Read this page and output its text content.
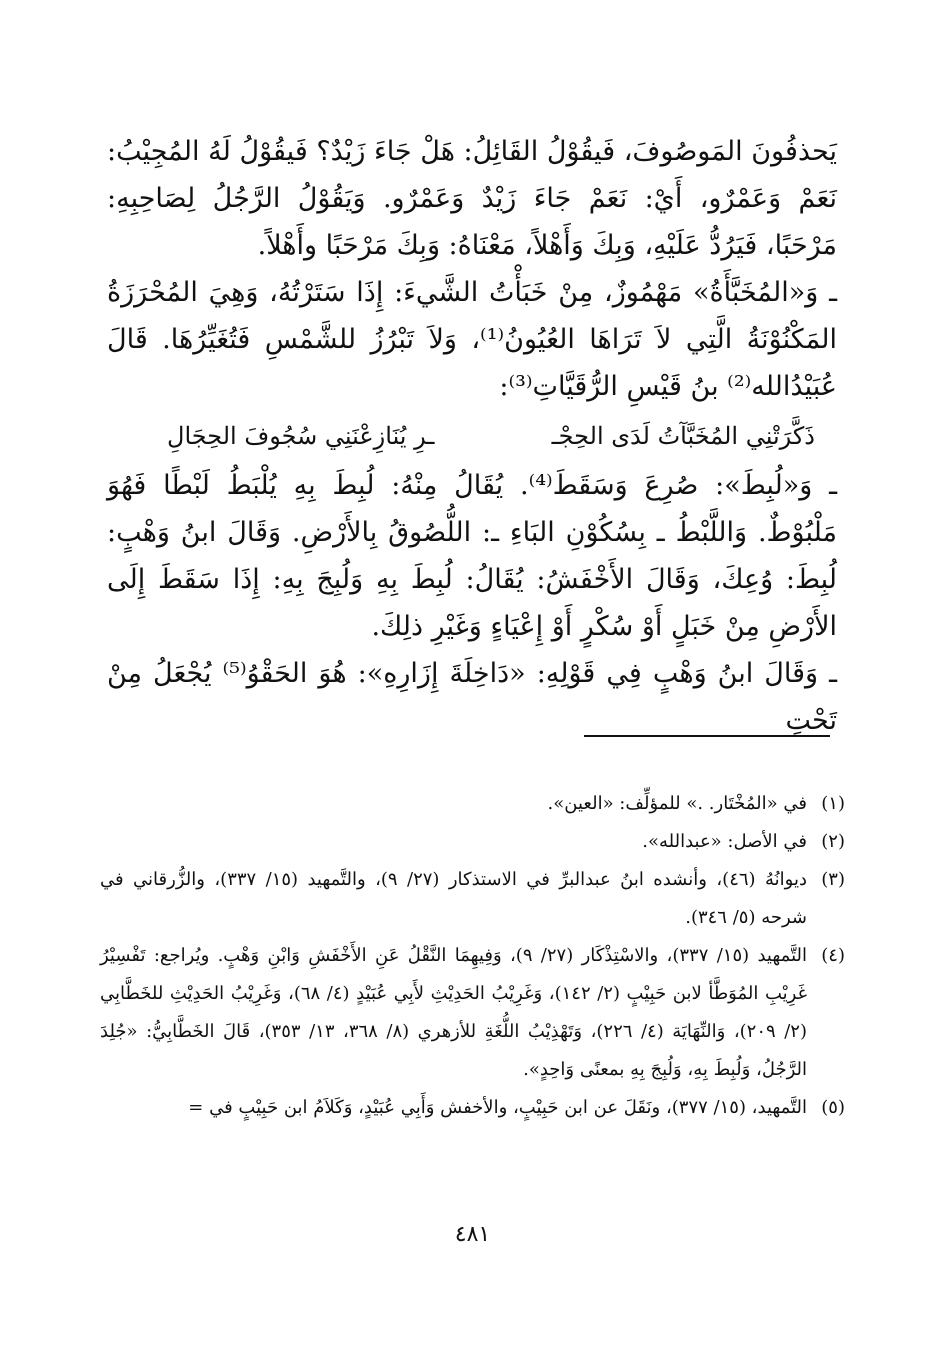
يَحذفُونَ المَوصُوفَ، فَيقُوْلُ القَائِلُ: هَلْ جَاءَ زَيْدٌ؟ فَيقُوْلُ لَهُ المُجِيْبُ: نَعَمْ وَعَمْرٌو، أَيْ: نَعَمْ جَاءَ زَيْدٌ وَعَمْرٌو. وَيَقُوْلُ الرَّجُلُ لِصَاحِبِهِ: مَرْحَبًا، فَيَرُدُّ عَلَيْهِ، وَبِكَ وَأَهْلاً، مَعْنَاهُ: وَبِكَ مَرْحَبًا وأَهْلاً.

ـ وَ«المُخَبَّأَةُ» مَهْمُوزٌ، مِنْ خَبَأْتُ الشَّيءَ: إِذَا سَتَرْتُهُ، وَهِيَ المُحْرَزَةُ المَكْنُوْنَةُ الَّتِي لاَ تَرَاهَا العُيُونُ⁽¹⁾، وَلاَ تَبْرُزُ للشَّمْسِ فَتُغَيِّرُهَا. قَالَ عُبَيْدُالله⁽²⁾ بنُ قَيْسِ الرُّقَيَّاتِ⁽³⁾:

ذَكَّرَتْنِي المُخَبَّآتُ لَدَى الحِجْـ
ـرِ يُنَازِعْنَنِي سُجُوفَ الحِجَالِ

ـ وَ«لُبِطَ»: صُرِعَ وَسَقَطَ⁽⁴⁾. يُقَالُ مِنْهُ: لُبِطَ بِهِ يُلْبَطُ لَبْطًا فَهُوَ مَلْبُوْطٌ. وَاللَّبْطُ ـ بِسُكُوْنِ البَاءِ ـ: اللُّصُوقُ بِالأَرْضِ. وَقَالَ ابنُ وَهْبٍ: لُبِطَ: وُعِكَ، وَقَالَ الأَخْفَشُ: يُقَالُ: لُبِطَ بِهِ وَلُبِجَ بِهِ: إِذَا سَقَطَ إِلَى الأَرْضِ مِنْ خَبَلٍ أَوْ سُكْرٍ أَوْ إِعْيَاءٍ وَغَيْرِ ذلِكَ.

ـ وَقَالَ ابنُ وَهْبٍ فِي قَوْلِهِ: «دَاخِلَةَ إِزَارِهِ»: هُوَ الحَقْوُ⁽⁵⁾ يُجْعَلُ مِنْ تَحْتِ

(١)
في «المُخْتَار. .» للمؤلِّف: «العين».
(٢)
في الأصل: «عبدالله».
(٣)
ديوانُهُ (٤٦)، وأنشده ابنُ عبدالبرِّ في الاستذكار (٢٧/ ٩)، والتَّمهيد (١٥/ ٣٣٧)، والزُّرقاني في شرحه (٥/ ٣٤٦).
(٤)
التَّمهيد (١٥/ ٣٣٧)، والاسْتِذْكَار (٢٧/ ٩)، وَفِيهِمَا النَّقْلُ عَنِ الأَخْفَشِ وَابْنِ وَهْبٍ. ويُراجع: تَفْسِيْرُ غَرِيْبِ المُوَطَّأ لابن حَبِيْبٍ (٢/ ١٤٢)، وَغَرِيْبُ الحَدِيْثِ لأَبِي عُبَيْدٍ (٤/ ٦٨)، وَغَرِيْبُ الحَدِيْثِ للخَطَّابِي (٢/ ٢٠٩)، وَالنِّهَايَة (٤/ ٢٢٦)، وَتَهْذِيْبُ اللُّغَةِ للأزهري (٨/ ٣٦٨، ١٣/ ٣٥٣)، قَالَ الخَطَّابِيُّ: «جُلِدَ الرَّجُلُ، وَلُبِطَ بِهِ، وَلُبِجَ بِهِ بمعنًى وَاحِدٍ».
(٥)
التَّمهيد، (١٥/ ٣٧٧)، ونَقَلَ عن ابن حَبِيْبٍ، والأخفش وَأَبِي عُبَيْدٍ، وَكَلاَمُ ابن حَبِيْبٍ في =
٤٨١
